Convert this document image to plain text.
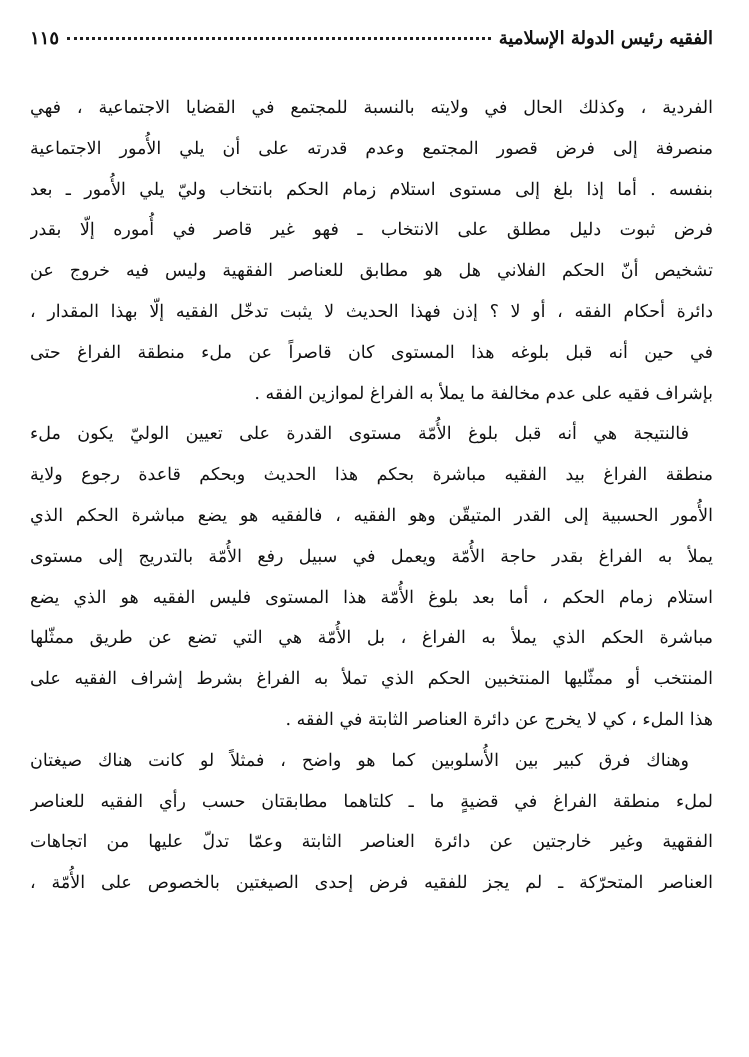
الفقيه رئيس الدولة الإسلامية
١١٥
الفردية ، وكذلك الحال في ولايته بالنسبة للمجتمع في القضايا الاجتماعية ، فهي
منصرفة إلى فرض قصور المجتمع وعدم قدرته على أن يلي الأُمور الاجتماعية
بنفسه . أما إذا بلغ إلى مستوى استلام زمام الحكم بانتخاب وليّ يلي الأُمور ـ بعد
فرض ثبوت دليل مطلق على الانتخاب ـ فهو غير قاصر في أُموره إلّا بقدر
تشخيص أنّ الحكم الفلاني هل هو مطابق للعناصر الفقهية وليس فيه خروج عن
دائرة أحكام الفقه ، أو لا ؟ إذن فهذا الحديث لا يثبت تدخّل الفقيه إلّا بهذا المقدار ،
في حين أنه قبل بلوغه هذا المستوى كان قاصراً عن ملء منطقة الفراغ حتى
بإشراف فقيه على عدم مخالفة ما يملأ به الفراغ لموازين الفقه .
فالنتيجة هي أنه قبل بلوغ الأُمّة مستوى القدرة على تعيين الوليّ يكون ملء
منطقة الفراغ بيد الفقيه مباشرة بحكم هذا الحديث وبحكم قاعدة رجوع ولاية
الأُمور الحسبية إلى القدر المتيقّن وهو الفقيه ، فالفقيه هو يضع مباشرة الحكم الذي
يملأ به الفراغ بقدر حاجة الأُمّة ويعمل في سبيل رفع الأُمّة بالتدريج إلى مستوى
استلام زمام الحكم ، أما بعد بلوغ الأُمّة هذا المستوى فليس الفقيه هو الذي يضع
مباشرة الحكم الذي يملأ به الفراغ ، بل الأُمّة هي التي تضع عن طريق ممثّلها
المنتخب أو ممثّليها المنتخبين الحكم الذي تملأ به الفراغ بشرط إشراف الفقيه على
هذا الملء ، كي لا يخرج عن دائرة العناصر الثابتة في الفقه .
وهناك فرق كبير بين الأُسلوبين كما هو واضح ، فمثلاً لو كانت هناك صيغتان
لملء منطقة الفراغ في قضيةٍ ما ـ كلتاهما مطابقتان حسب رأي الفقيه للعناصر
الفقهية وغير خارجتين عن دائرة العناصر الثابتة وعمّا تدلّ عليها من اتجاهات
العناصر المتحرّكة ـ لم يجز للفقيه فرض إحدى الصيغتين بالخصوص على الأُمّة ،
